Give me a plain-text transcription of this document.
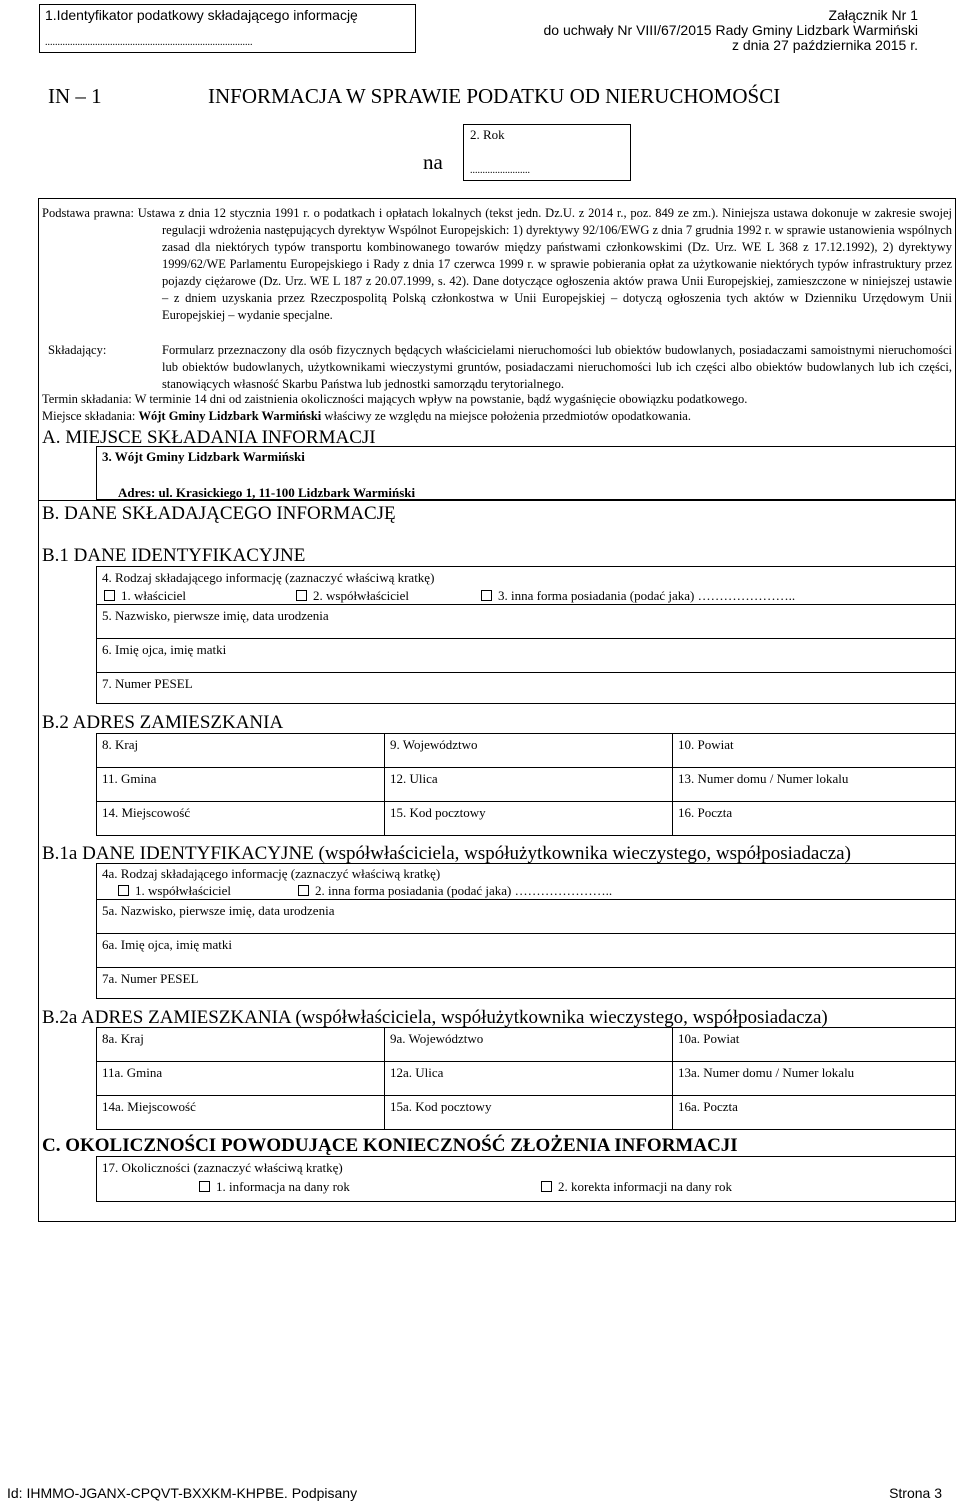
1.Identyfikator podatkowy składającego informację
...................................................................................
Załącznik Nr 1
do uchwały Nr VIII/67/2015 Rady Gminy Lidzbark Warmiński
z dnia 27 października 2015 r.
IN – 1	INFORMACJA W SPRAWIE PODATKU OD NIERUCHOMOŚCI
na
2. Rok
........................
Podstawa prawna: Ustawa z dnia 12 stycznia 1991 r. o podatkach i opłatach lokalnych (tekst jedn. Dz.U. z 2014 r., poz. 849 ze zm.). Niniejsza ustawa dokonuje w zakresie swojej regulacji wdrożenia następujących dyrektyw Wspólnot Europejskich: 1) dyrektywy 92/106/EWG z dnia 7 grudnia 1992 r. w sprawie ustanowienia wspólnych zasad dla niektórych typów transportu kombinowanego towarów między państwami członkowskimi (Dz. Urz. WE L 368 z 17.12.1992), 2) dyrektywy 1999/62/WE Parlamentu Europejskiego i Rady z dnia 17 czerwca 1999 r. w sprawie pobierania opłat za użytkowanie niektórych typów infrastruktury przez pojazdy ciężarowe (Dz. Urz. WE L 187 z 20.07.1999, s. 42). Dane dotyczące ogłoszenia aktów prawa Unii Europejskiej, zamieszczone w niniejszej ustawie – z dniem uzyskania przez Rzeczpospolitą Polską członkostwa w Unii Europejskiej – dotyczą ogłoszenia tych aktów w Dzienniku Urzędowym Unii Europejskiej – wydanie specjalne.
Składający:	Formularz przeznaczony dla osób fizycznych będących właścicielami nieruchomości lub obiektów budowlanych, posiadaczami samoistnymi nieruchomości lub obiektów budowlanych, użytkownikami wieczystymi gruntów, posiadaczami nieruchomości lub ich części albo obiektów budowlanych lub ich części, stanowiących własność Skarbu Państwa lub jednostki samorządu terytorialnego.
Termin składania: W terminie 14 dni od zaistnienia okoliczności mających wpływ na powstanie, bądź wygaśnięcie obowiązku podatkowego.
Miejsce składania: Wójt Gminy Lidzbark Warmiński właściwy ze względu na miejsce położenia przedmiotów opodatkowania.
A. MIEJSCE SKŁADANIA INFORMACJI
3. Wójt Gminy Lidzbark Warmiński
Adres: ul. Krasickiego 1, 11-100 Lidzbark Warmiński
B. DANE SKŁADAJĄCEGO INFORMACJĘ
B.1 DANE IDENTYFIKACYJNE
4. Rodzaj składającego informację (zaznaczyć właściwą kratkę)
1. właściciel	2. współwłaściciel	3. inna forma posiadania (podać jaka) …………………..
5. Nazwisko, pierwsze imię, data urodzenia
6. Imię ojca, imię matki
7. Numer PESEL
B.2 ADRES ZAMIESZKANIA
8. Kraj	9. Województwo	10. Powiat
11. Gmina	12. Ulica	13. Numer domu / Numer lokalu
14. Miejscowość	15. Kod pocztowy	16. Poczta
B.1a DANE IDENTYFIKACYJNE (współwłaściciela, współużytkownika wieczystego, współposiadacza)
4a. Rodzaj składającego informację (zaznaczyć właściwą kratkę)
1. współwłaściciel	2. inna forma posiadania (podać jaka) …………………..
5a. Nazwisko, pierwsze imię, data urodzenia
6a. Imię ojca, imię matki
7a. Numer PESEL
B.2a ADRES ZAMIESZKANIA (współwłaściciela, współużytkownika wieczystego, współposiadacza)
8a. Kraj	9a. Województwo	10a. Powiat
11a. Gmina	12a. Ulica	13a. Numer domu / Numer lokalu
14a. Miejscowość	15a. Kod pocztowy	16a. Poczta
C. OKOLICZNOŚCI POWODUJĄCE KONIECZNOŚĆ ZŁOŻENIA INFORMACJI
17. Okoliczności (zaznaczyć właściwą kratkę)
1. informacja na dany rok	2. korekta informacji na dany rok
Id: IHMMO-JGANX-CPQVT-BXXKM-KHPBE. Podpisany	Strona 3
